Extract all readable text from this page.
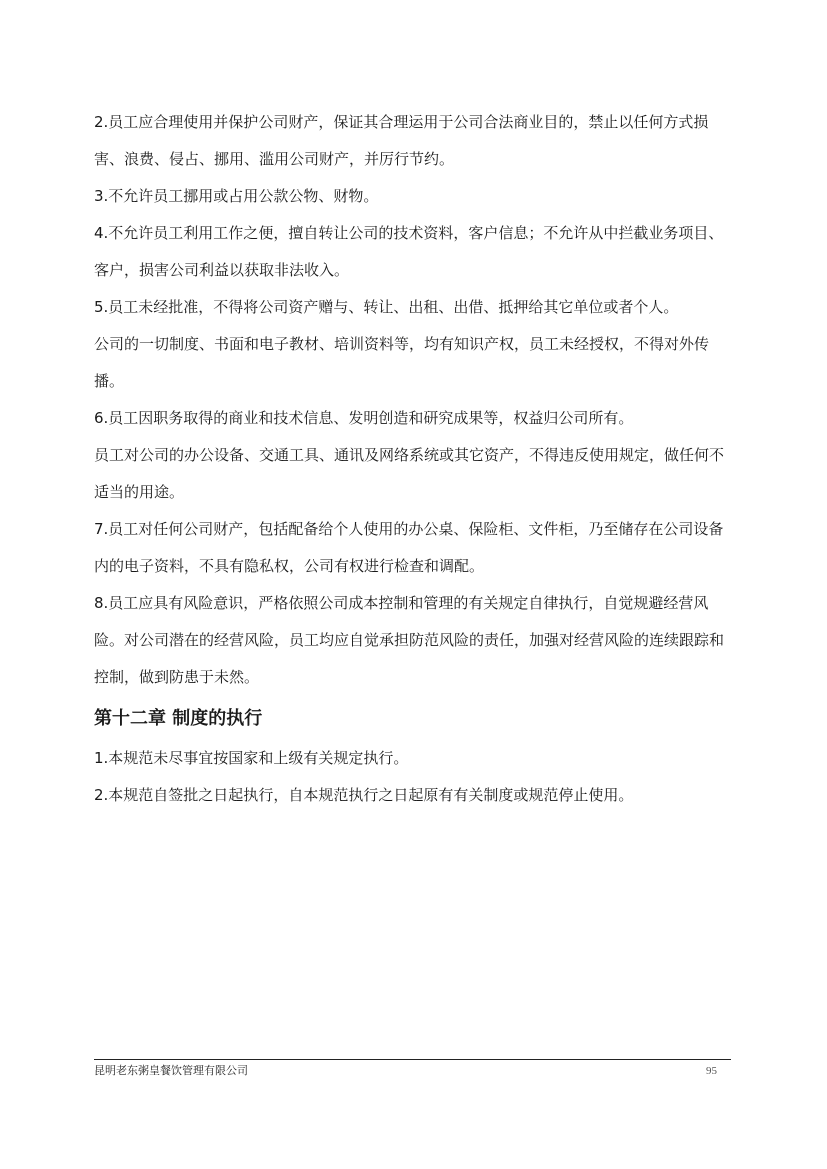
2.员工应合理使用并保护公司财产，保证其合理运用于公司合法商业目的，禁止以任何方式损害、浪费、侵占、挪用、滥用公司财产，并厉行节约。

3.不允许员工挪用或占用公款公物、财物。

4.不允许员工利用工作之便，擅自转让公司的技术资料，客户信息；不允许从中拦截业务项目、客户，损害公司利益以获取非法收入。

5.员工未经批准，不得将公司资产赠与、转让、出租、出借、抵押给其它单位或者个人。

公司的一切制度、书面和电子教材、培训资料等，均有知识产权，员工未经授权，不得对外传播。

6.员工因职务取得的商业和技术信息、发明创造和研究成果等，权益归公司所有。

员工对公司的办公设备、交通工具、通讯及网络系统或其它资产，不得违反使用规定，做任何不适当的用途。

7.员工对任何公司财产，包括配备给个人使用的办公桌、保险柜、文件柜，乃至储存在公司设备内的电子资料，不具有隐私权，公司有权进行检查和调配。

8.员工应具有风险意识，严格依照公司成本控制和管理的有关规定自律执行，自觉规避经营风险。对公司潜在的经营风险，员工均应自觉承担防范风险的责任，加强对经营风险的连续跟踪和控制，做到防患于未然。

第十二章 制度的执行

1.本规范未尽事宜按国家和上级有关规定执行。

2.本规范自签批之日起执行，自本规范执行之日起原有有关制度或规范停止使用。

昆明老东粥皇餐饮管理有限公司	95
